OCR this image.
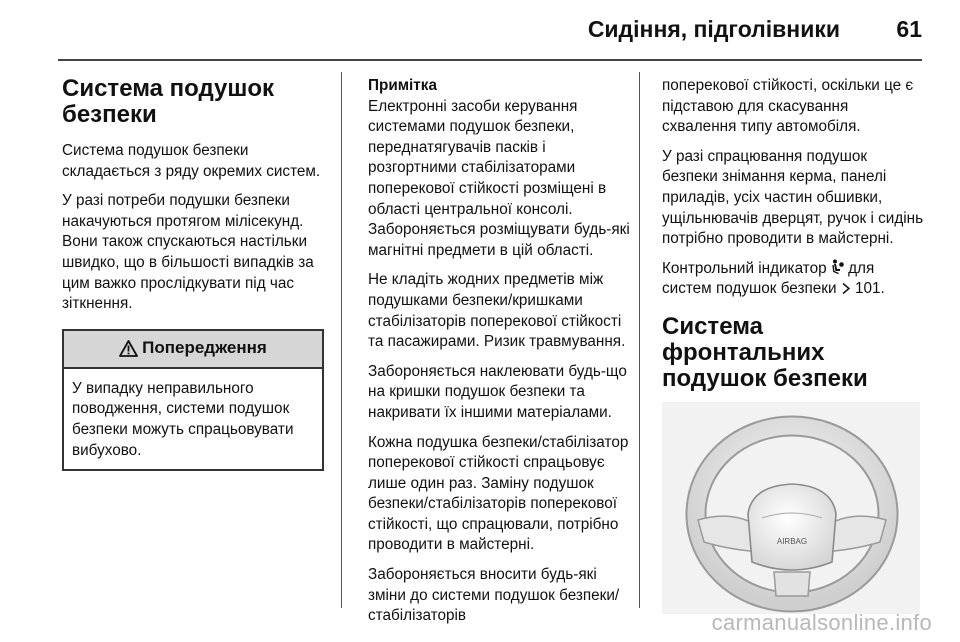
Сидіння, підголівники 61
Система подушок
безпеки

Система подушок безпеки складається з ряду окремих систем.

У разі потреби подушки безпеки накачуються протягом мілісекунд. Вони також спускаються настільки швидко, що в більшості випадків за цим важко прослідкувати під час зіткнення.

Попередження
У випадку неправильного поводження, системи подушок безпеки можуть спрацьовувати вибухово.
Примітка

Електронні засоби керування системами подушок безпеки, переднатягувачів пасків і розгортними стабілізаторами поперекової стійкості розміщені в області центральної консолі. Забороняється розміщувати будь-які магнітні предмети в цій області.

Не кладіть жодних предметів між подушками безпеки/кришками стабілізаторів поперекової стійкості та пасажирами. Ризик травмування.

Забороняється наклеювати будь-що на кришки подушок безпеки та накривати їх іншими матеріалами.

Кожна подушка безпеки/стабілізатор поперекової стійкості спрацьовує лише один раз. Заміну подушок безпеки/стабілізаторів поперекової стійкості, що спрацювали, потрібно проводити в майстерні.

Забороняється вносити будь-які зміни до системи подушок безпеки/стабілізаторів

поперекової стійкості, оскільки це є підставою для скасування схвалення типу автомобіля.

У разі спрацювання подушок безпеки знімання керма, панелі приладів, усіх частин обшивки, ущільнювачів дверцят, ручок і сидінь потрібно проводити в майстерні.

Контрольний індикатор  для систем подушок безпеки  101.

Система фронтальних
подушок безпеки
AIRBAG
carmanualsonline.info
